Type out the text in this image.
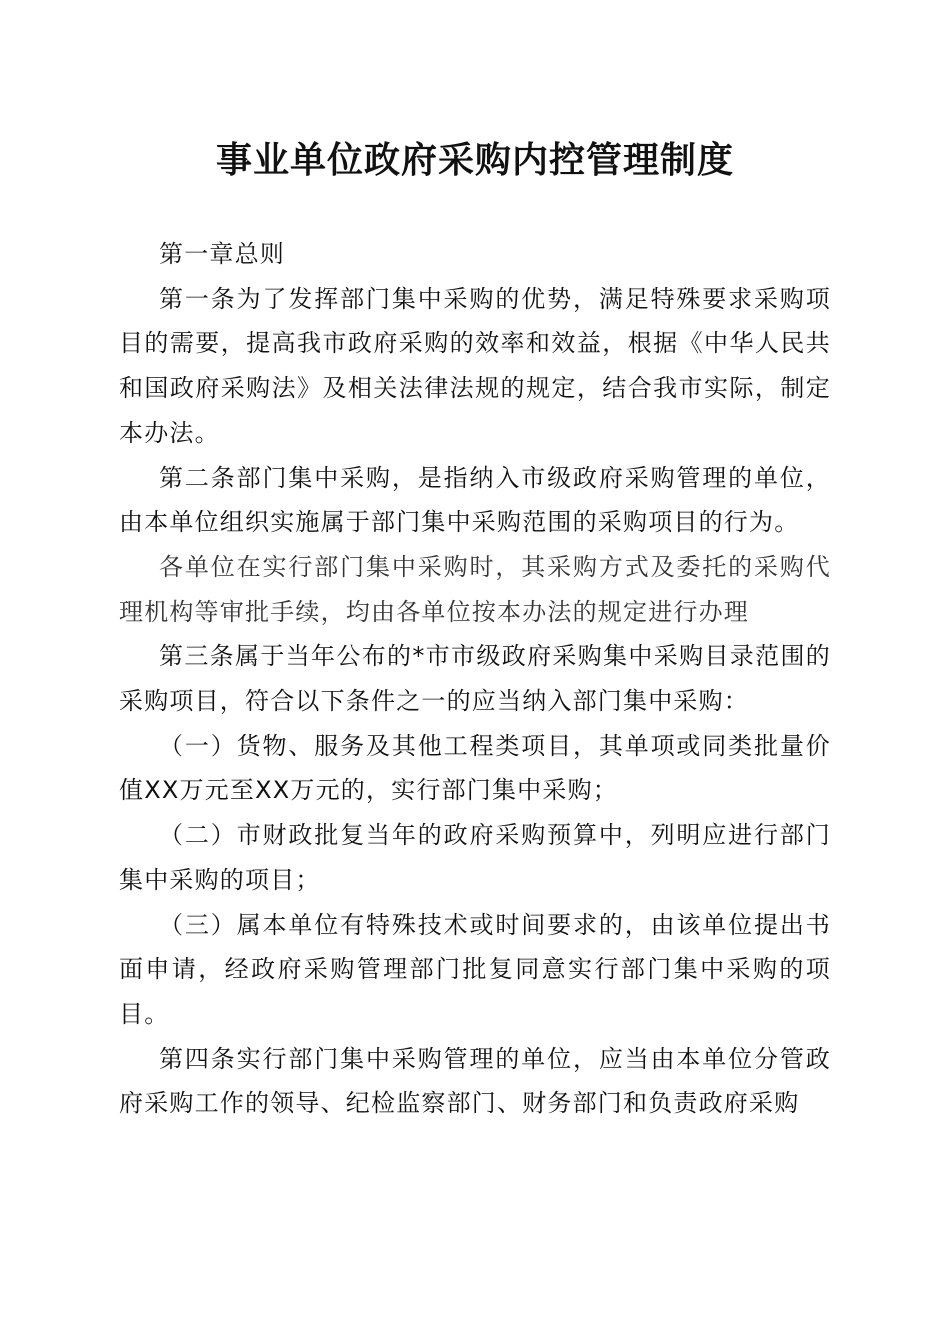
事业单位政府采购内控管理制度

第一章总则

第一条为了发挥部门集中采购的优势，满足特殊要求采购项目的需要，提高我市政府采购的效率和效益，根据《中华人民共和国政府采购法》及相关法律法规的规定，结合我市实际，制定本办法。

第二条部门集中采购，是指纳入市级政府采购管理的单位，由本单位组织实施属于部门集中采购范围的采购项目的行为。

各单位在实行部门集中采购时，其采购方式及委托的采购代理机构等审批手续，均由各单位按本办法的规定进行办理

第三条属于当年公布的*市市级政府采购集中采购目录范围的采购项目，符合以下条件之一的应当纳入部门集中采购：

（一）货物、服务及其他工程类项目，其单项或同类批量价值XX万元至XX万元的，实行部门集中采购；

（二）市财政批复当年的政府采购预算中，列明应进行部门集中采购的项目；

（三）属本单位有特殊技术或时间要求的，由该单位提出书面申请，经政府采购管理部门批复同意实行部门集中采购的项目。

第四条实行部门集中采购管理的单位，应当由本单位分管政府采购工作的领导、纪检监察部门、财务部门和负责政府采购
